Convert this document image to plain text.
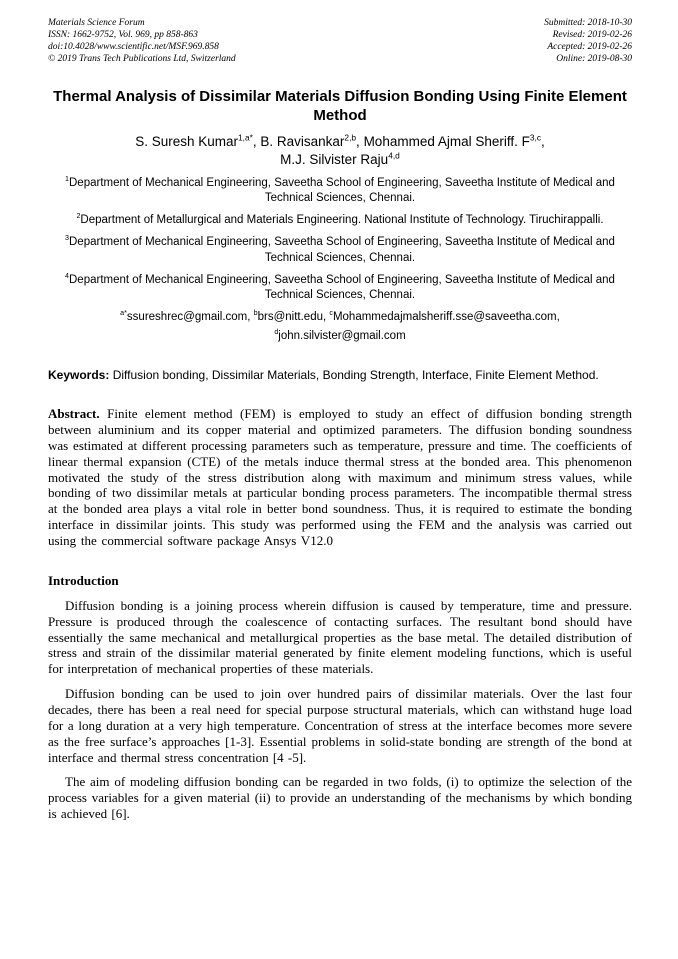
Materials Science Forum
ISSN: 1662-9752, Vol. 969, pp 858-863
doi:10.4028/www.scientific.net/MSF.969.858
© 2019 Trans Tech Publications Ltd, Switzerland
Submitted: 2018-10-30
Revised: 2019-02-26
Accepted: 2019-02-26
Online: 2019-08-30
Thermal Analysis of Dissimilar Materials Diffusion Bonding Using Finite Element Method
S. Suresh Kumar$^{1,a*}$, B. Ravisankar$^{2,b}$, Mohammed Ajmal Sheriff. F$^{3,c}$,
M.J. Silvister Raju$^{4,d}$
$^1$Department of Mechanical Engineering, Saveetha School of Engineering, Saveetha Institute of Medical and Technical Sciences, Chennai.
$^2$Department of Metallurgical and Materials Engineering. National Institute of Technology. Tiruchirappalli.
$^3$Department of Mechanical Engineering, Saveetha School of Engineering, Saveetha Institute of Medical and Technical Sciences, Chennai.
$^4$Department of Mechanical Engineering, Saveetha School of Engineering, Saveetha Institute of Medical and Technical Sciences, Chennai.
$^{a*}$ssureshrec@gmail.com, $^b$brs@nitt.edu, $^c$Mohammedajmalsheriff.sse@saveetha.com,
$^d$john.silvister@gmail.com

Keywords: Diffusion bonding, Dissimilar Materials, Bonding Strength, Interface, Finite Element Method.

Abstract. Finite element method (FEM) is employed to study an effect of diffusion bonding strength between aluminium and its copper material and optimized parameters. The diffusion bonding soundness was estimated at different processing parameters such as temperature, pressure and time. The coefficients of linear thermal expansion (CTE) of the metals induce thermal stress at the bonded area. This phenomenon motivated the study of the stress distribution along with maximum and minimum stress values, while bonding of two dissimilar metals at particular bonding process parameters. The incompatible thermal stress at the bonded area plays a vital role in better bond soundness. Thus, it is required to estimate the bonding interface in dissimilar joints. This study was performed using the FEM and the analysis was carried out using the commercial software package Ansys V12.0

Introduction

Diffusion bonding is a joining process wherein diffusion is caused by temperature, time and pressure. Pressure is produced through the coalescence of contacting surfaces. The resultant bond should have essentially the same mechanical and metallurgical properties as the base metal. The detailed distribution of stress and strain of the dissimilar material generated by finite element modeling functions, which is useful for interpretation of mechanical properties of these materials.

Diffusion bonding can be used to join over hundred pairs of dissimilar materials. Over the last four decades, there has been a real need for special purpose structural materials, which can withstand huge load for a long duration at a very high temperature. Concentration of stress at the interface becomes more severe as the free surface’s approaches [1-3]. Essential problems in solid-state bonding are strength of the bond at interface and thermal stress concentration [4 -5].

The aim of modeling diffusion bonding can be regarded in two folds, (i) to optimize the selection of the process variables for a given material (ii) to provide an understanding of the mechanisms by which bonding is achieved [6].
